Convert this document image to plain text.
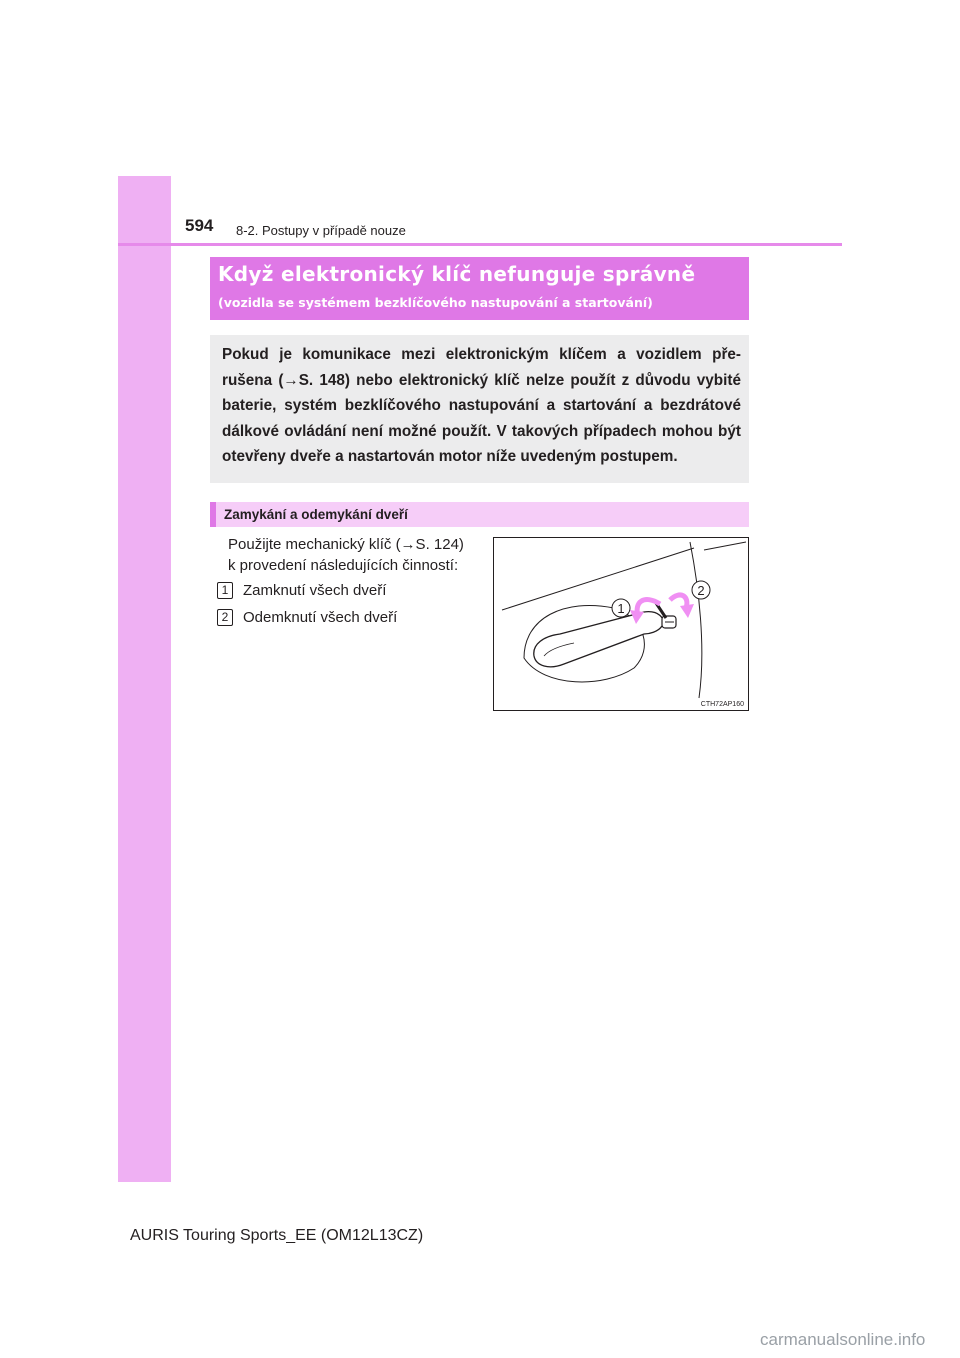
594 8-2. Postupy v případě nouze
Když elektronický klíč nefunguje správně
(vozidla se systémem bezklíčového nastupování a startování)
Pokud je komunikace mezi elektronickým klíčem a vozidlem pře-rušena (→S. 148) nebo elektronický klíč nelze použít z důvodu vybité baterie, systém bezklíčového nastupování a startování a bezdrátové dálkové ovládání není možné použít. V takových případech mohou být otevřeny dveře a nastartován motor níže uvedeným postupem.
Zamykání a odemykání dveří
Použijte mechanický klíč (→S. 124)
k provedení následujících činností:
1 Zamknutí všech dveří
2 Odemknutí všech dveří
1
2
CTH72AP160
AURIS Touring Sports_EE (OM12L13CZ)
carmanualsonline.info
